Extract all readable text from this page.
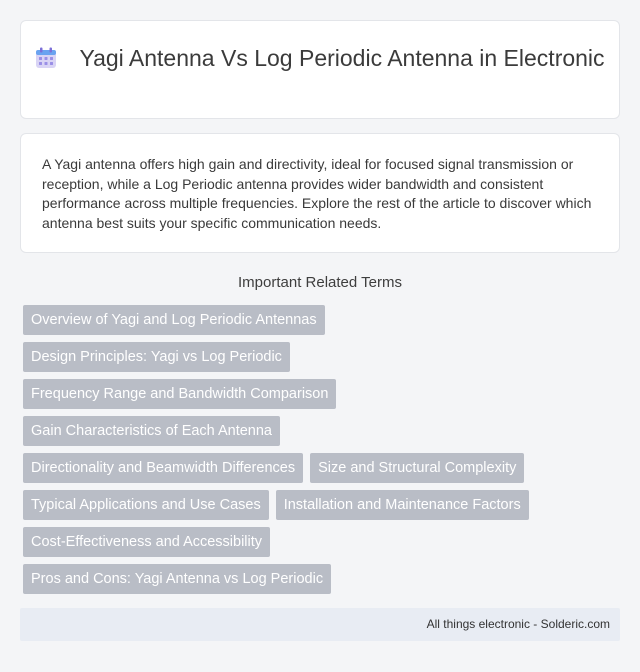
Yagi Antenna Vs Log Periodic Antenna in Electronic

A Yagi antenna offers high gain and directivity, ideal for focused signal transmission or reception, while a Log Periodic antenna provides wider bandwidth and consistent performance across multiple frequencies. Explore the rest of the article to discover which antenna best suits your specific communication needs.

Important Related Terms
Overview of Yagi and Log Periodic Antennas
Design Principles: Yagi vs Log Periodic
Frequency Range and Bandwidth Comparison
Gain Characteristics of Each Antenna
Directionality and Beamwidth Differences	Size and Structural Complexity
Typical Applications and Use Cases	Installation and Maintenance Factors
Cost-Effectiveness and Accessibility
Pros and Cons: Yagi Antenna vs Log Periodic
All things electronic - Solderic.com
